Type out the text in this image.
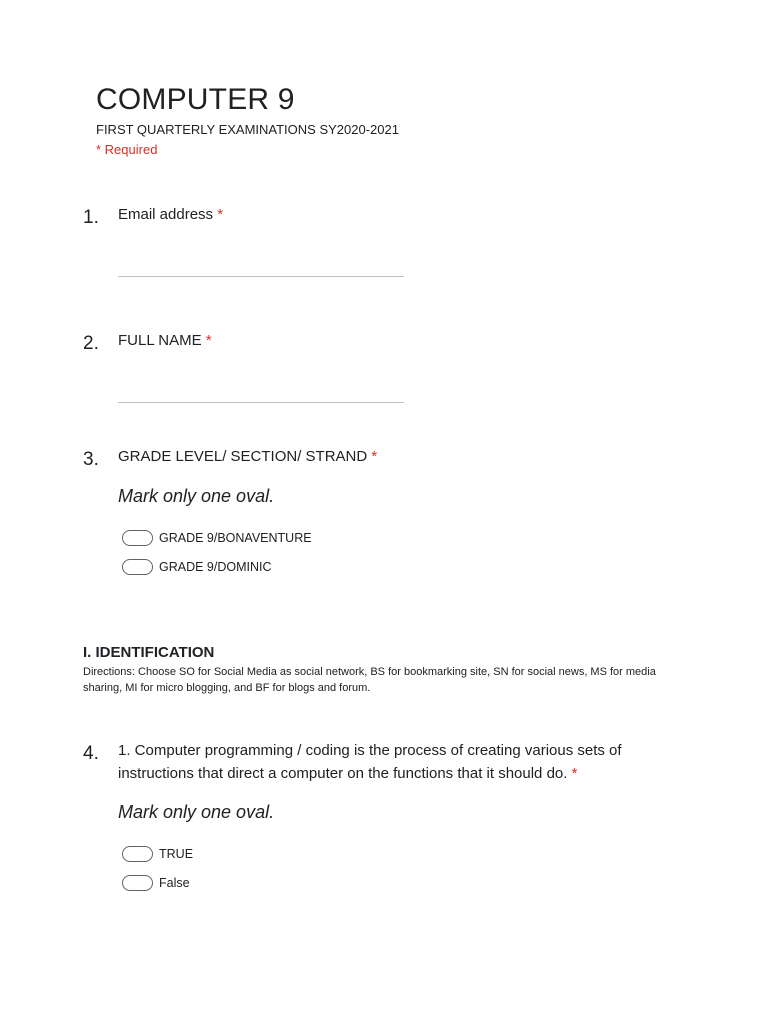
COMPUTER 9
FIRST QUARTERLY EXAMINATIONS SY2020-2021
* Required
1. Email address *
2. FULL NAME *
3. GRADE LEVEL/ SECTION/ STRAND *
Mark only one oval.
GRADE 9/BONAVENTURE
GRADE 9/DOMINIC
I. IDENTIFICATION
Directions: Choose SO for Social Media as social network, BS for bookmarking site, SN for social news, MS for media sharing, MI for micro blogging, and BF for blogs and forum.
4. 1. Computer programming / coding is the process of creating various sets of
instructions that direct a computer on the functions that it should do. *
Mark only one oval.
TRUE
False
